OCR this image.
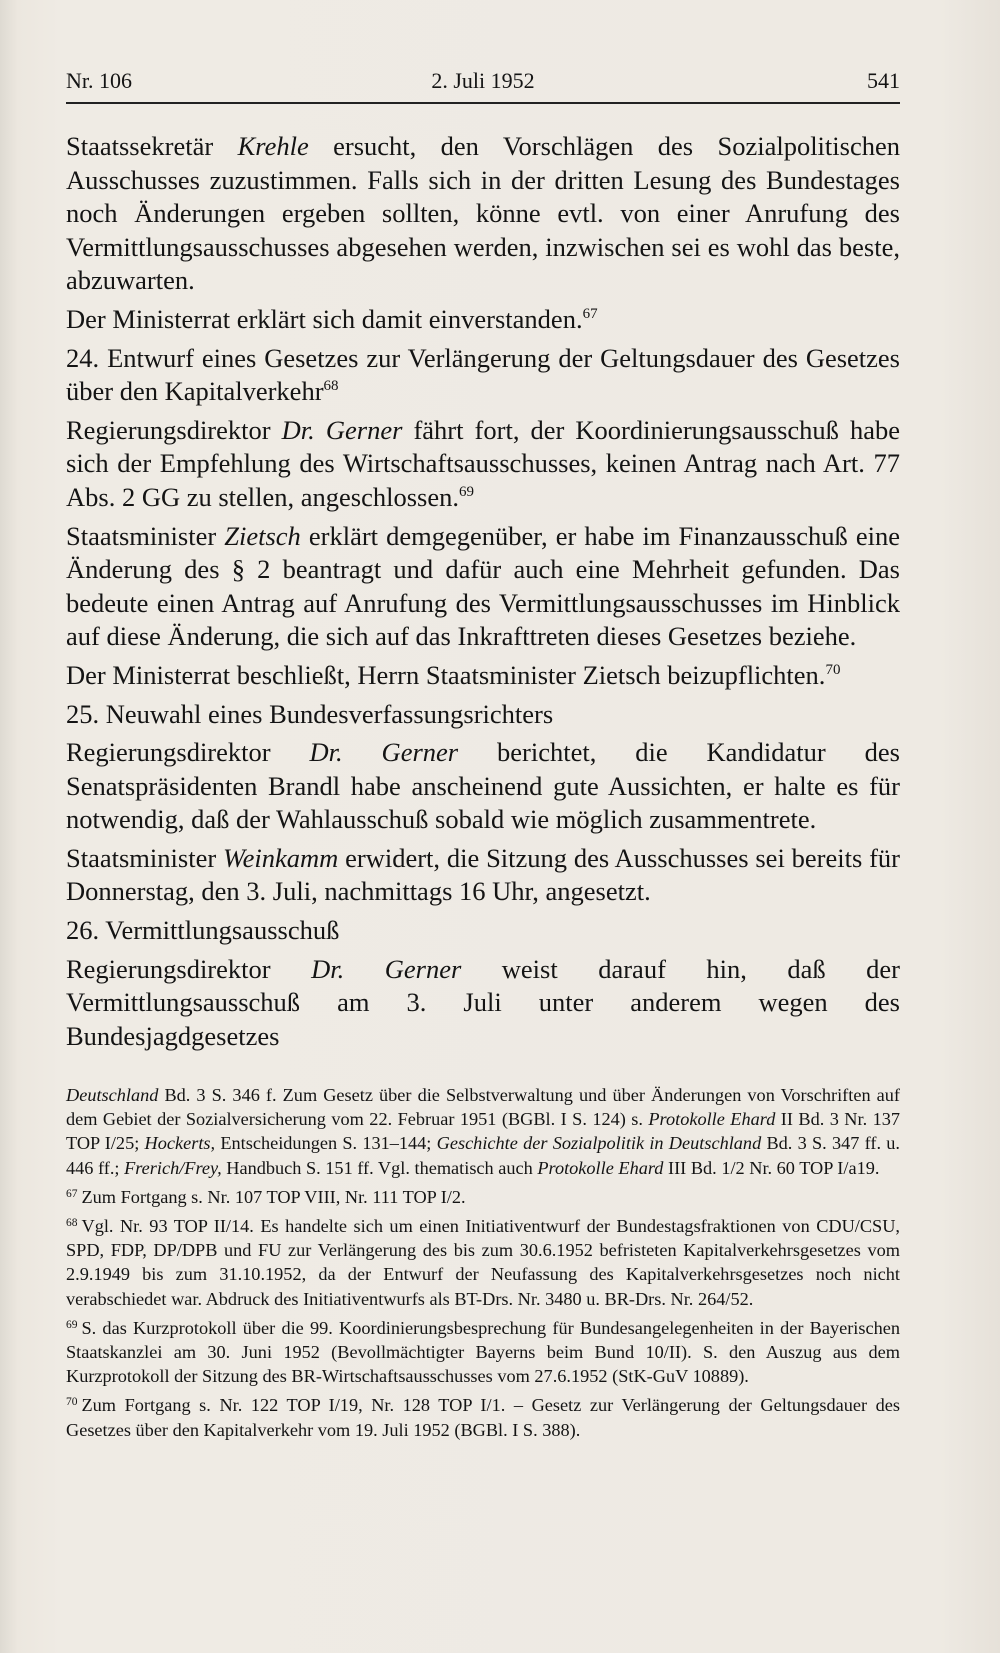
Nr. 106	2. Juli 1952	541

Staatssekretär Krehle ersucht, den Vorschlägen des Sozialpolitischen Ausschusses zuzustimmen. Falls sich in der dritten Lesung des Bundestages noch Änderungen ergeben sollten, könne evtl. von einer Anrufung des Vermittlungsausschusses abgesehen werden, inzwischen sei es wohl das beste, abzuwarten.

Der Ministerrat erklärt sich damit einverstanden.$^{67}$

24. Entwurf eines Gesetzes zur Verlängerung der Geltungsdauer des Gesetzes über den Kapitalverkehr$^{68}$

Regierungsdirektor Dr. Gerner fährt fort, der Koordinierungsausschuß habe sich der Empfehlung des Wirtschaftsausschusses, keinen Antrag nach Art. 77 Abs. 2 GG zu stellen, angeschlossen.$^{69}$

Staatsminister Zietsch erklärt demgegenüber, er habe im Finanzausschuß eine Änderung des § 2 beantragt und dafür auch eine Mehrheit gefunden. Das bedeute einen Antrag auf Anrufung des Vermittlungsausschusses im Hinblick auf diese Änderung, die sich auf das Inkrafttreten dieses Gesetzes beziehe.

Der Ministerrat beschließt, Herrn Staatsminister Zietsch beizupflichten.$^{70}$

25. Neuwahl eines Bundesverfassungsrichters

Regierungsdirektor Dr. Gerner berichtet, die Kandidatur des Senatspräsidenten Brandl habe anscheinend gute Aussichten, er halte es für notwendig, daß der Wahlausschuß sobald wie möglich zusammentrete.

Staatsminister Weinkamm erwidert, die Sitzung des Ausschusses sei bereits für Donnerstag, den 3. Juli, nachmittags 16 Uhr, angesetzt.

26. Vermittlungsausschuß

Regierungsdirektor Dr. Gerner weist darauf hin, daß der Vermittlungsausschuß am 3. Juli unter anderem wegen des Bundesjagdgesetzes

Deutschland Bd. 3 S. 346 f. Zum Gesetz über die Selbstverwaltung und über Änderungen von Vorschriften auf dem Gebiet der Sozialversicherung vom 22. Februar 1951 (BGBl. I S. 124) s. Protokolle Ehard II Bd. 3 Nr. 137 TOP I/25; Hockerts, Entscheidungen S. 131–144; Geschichte der Sozialpolitik in Deutschland Bd. 3 S. 347 ff. u. 446 ff.; Frerich/Frey, Handbuch S. 151 ff. Vgl. thematisch auch Protokolle Ehard III Bd. 1/2 Nr. 60 TOP I/a19.

$^{67}$ Zum Fortgang s. Nr. 107 TOP VIII, Nr. 111 TOP I/2.

$^{68}$ Vgl. Nr. 93 TOP II/14. Es handelte sich um einen Initiativentwurf der Bundestagsfraktionen von CDU/CSU, SPD, FDP, DP/DPB und FU zur Verlängerung des bis zum 30.6.1952 befristeten Kapitalverkehrsgesetzes vom 2.9.1949 bis zum 31.10.1952, da der Entwurf der Neufassung des Kapitalverkehrsgesetzes noch nicht verabschiedet war. Abdruck des Initiativentwurfs als BT-Drs. Nr. 3480 u. BR-Drs. Nr. 264/52.

$^{69}$ S. das Kurzprotokoll über die 99. Koordinierungsbesprechung für Bundesangelegenheiten in der Bayerischen Staatskanzlei am 30. Juni 1952 (Bevollmächtigter Bayerns beim Bund 10/II). S. den Auszug aus dem Kurzprotokoll der Sitzung des BR-Wirtschaftsausschusses vom 27.6.1952 (StK-GuV 10889).

$^{70}$ Zum Fortgang s. Nr. 122 TOP I/19, Nr. 128 TOP I/1. – Gesetz zur Verlängerung der Geltungsdauer des Gesetzes über den Kapitalverkehr vom 19. Juli 1952 (BGBl. I S. 388).
